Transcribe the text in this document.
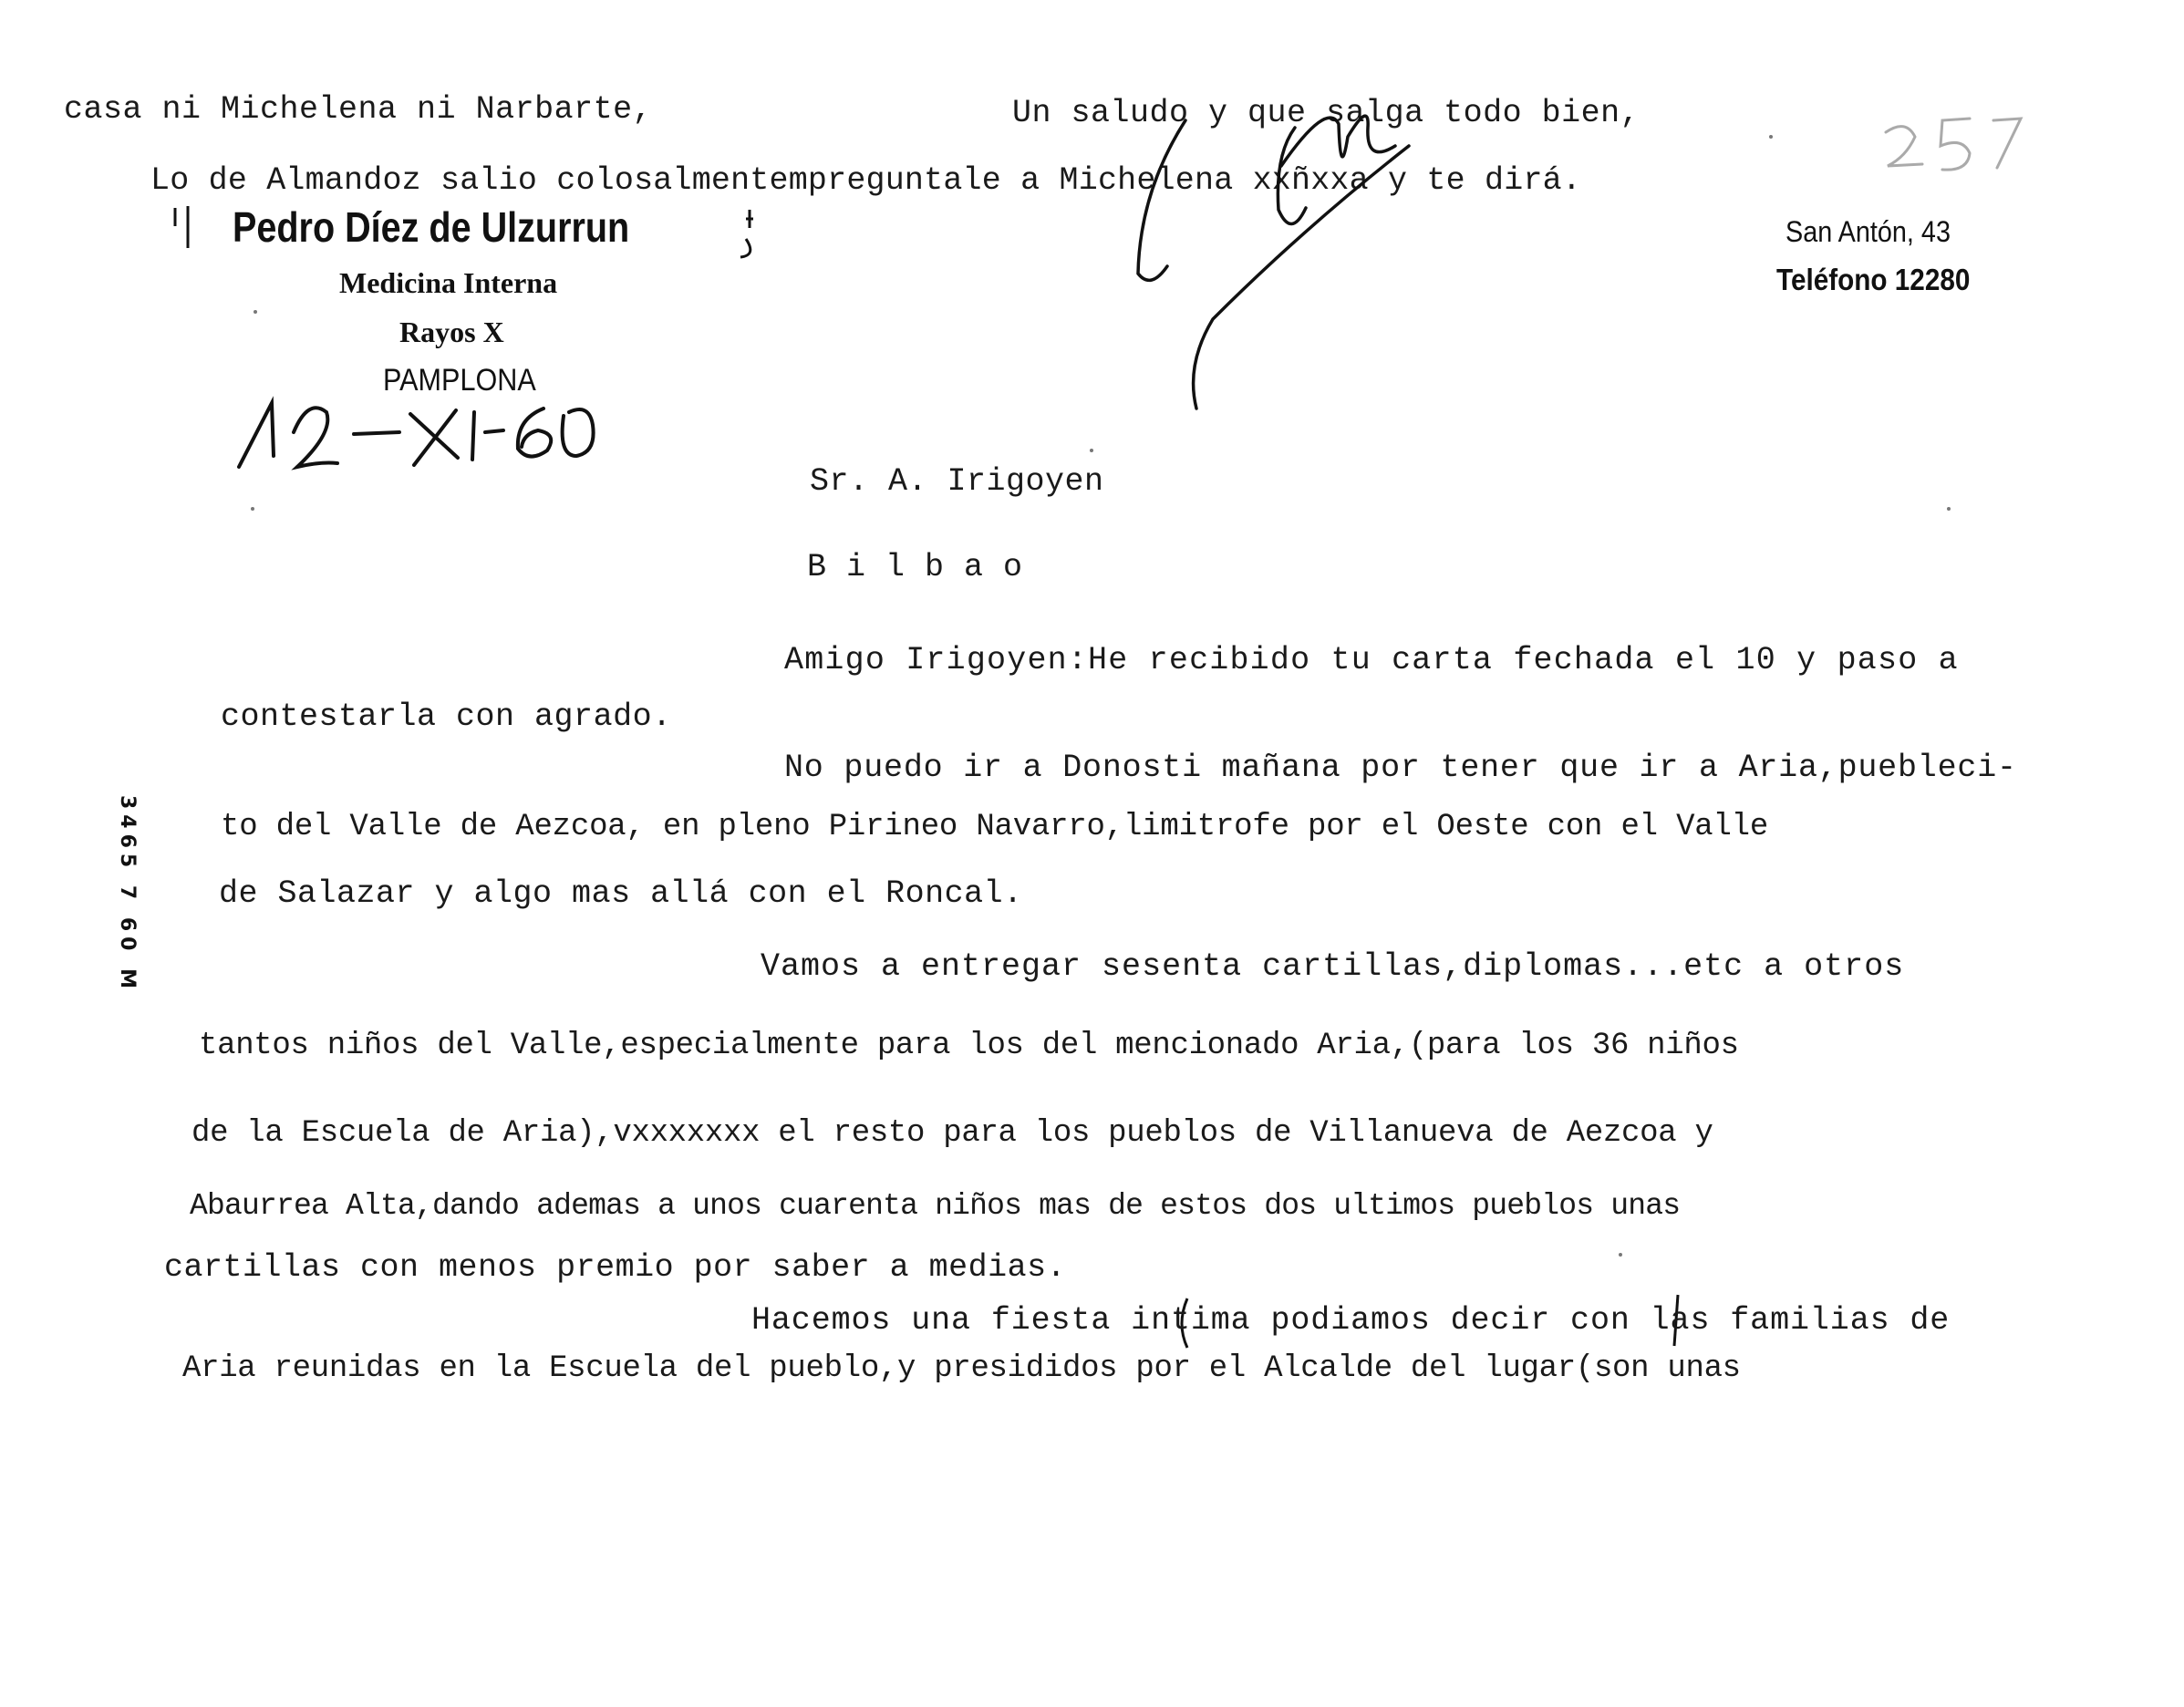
casa ni Michelena ni Narbarte,	Un saludo y que salga todo bien,
Lo de Almandoz salio colosalmentempreguntale a Michelena xxñxxa y te dirá.
Pedro Díez de Ulzurrun
Medicina Interna
Rayos X
PAMPLONA
San Antón, 43
Teléfono 12280
Sr. A. Irigoyen
B i l b a o
Amigo Irigoyen:He recibido tu carta fechada el 10 y paso a
contestarla con agrado.
No puedo ir a Donosti mañana por tener que ir a Aria,puebleci-
to del Valle de Aezcoa, en pleno Pirineo Navarro,limitrofe por el Oeste con el Valle
de Salazar y algo mas allá con el Roncal.
Vamos a entregar sesenta cartillas,diplomas...etc a otros
tantos niños del Valle,especialmente para los del mencionado Aria,(para los 36 niños
de la Escuela de Aria),vxxxxxxx el resto para los pueblos de Villanueva de Aezcoa y
Abaurrea Alta,dando ademas a unos cuarenta niños mas de estos dos ultimos pueblos unas
cartillas con menos premio por saber a medias.
Hacemos una fiesta intima podiamos decir con las familias de
Aria reunidas en la Escuela del pueblo,y presididos por el Alcalde del lugar(son unas
3465 7 60 M
